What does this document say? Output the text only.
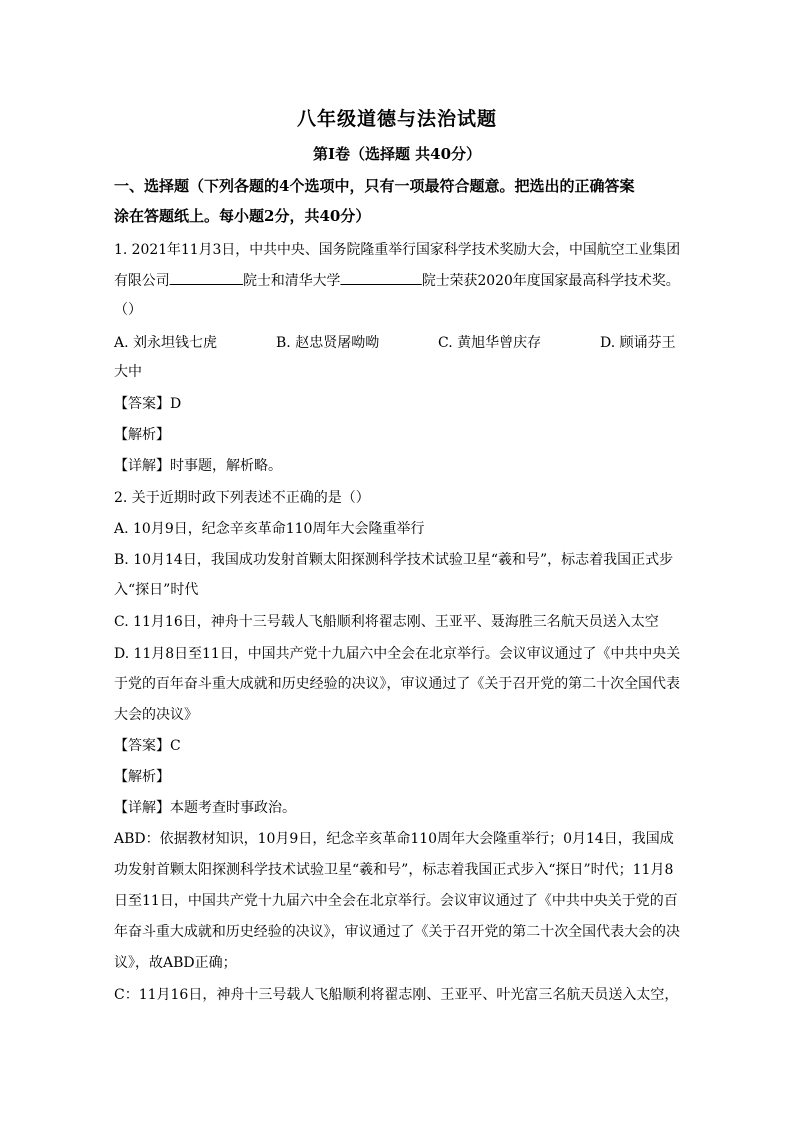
八年级道德与法治试题
第Ⅰ卷（选择题 共40分）
一、选择题（下列各题的4个选项中，只有一项最符合题意。把选出的正确答案
涂在答题纸上。每小题2分，共40分）
1. 2021年11月3日，中共中央、国务院隆重举行国家科学技术奖励大会，中国航空工业集团
有限公司	院士和清华大学	院士荣获2020年度国家最高科学技术奖。
（）
A. 刘永坦钱七虎	B. 赵忠贤屠呦呦	C. 黄旭华曾庆存	D. 顾诵芬王
大中
【答案】D
【解析】
【详解】时事题，解析略。
2. 关于近期时政下列表述不正确的是（）
A. 10月9日，纪念辛亥革命110周年大会隆重举行
B. 10月14日，我国成功发射首颗太阳探测科学技术试验卫星“羲和号”，标志着我国正式步
入“探日”时代
C. 11月16日，神舟十三号载人飞船顺利将翟志刚、王亚平、聂海胜三名航天员送入太空
D. 11月8日至11日，中国共产党十九届六中全会在北京举行。会议审议通过了《中共中央关
于党的百年奋斗重大成就和历史经验的决议》，审议通过了《关于召开党的第二十次全国代表
大会的决议》
【答案】C
【解析】
【详解】本题考查时事政治。
ABD：依据教材知识，10月9日，纪念辛亥革命110周年大会隆重举行；0月14日，我国成
功发射首颗太阳探测科学技术试验卫星“羲和号”，标志着我国正式步入“探日”时代；11月8
日至11日，中国共产党十九届六中全会在北京举行。会议审议通过了《中共中央关于党的百
年奋斗重大成就和历史经验的决议》，审议通过了《关于召开党的第二十次全国代表大会的决
议》，故ABD正确；
C：11月16日，神舟十三号载人飞船顺利将翟志刚、王亚平、叶光富三名航天员送入太空，
